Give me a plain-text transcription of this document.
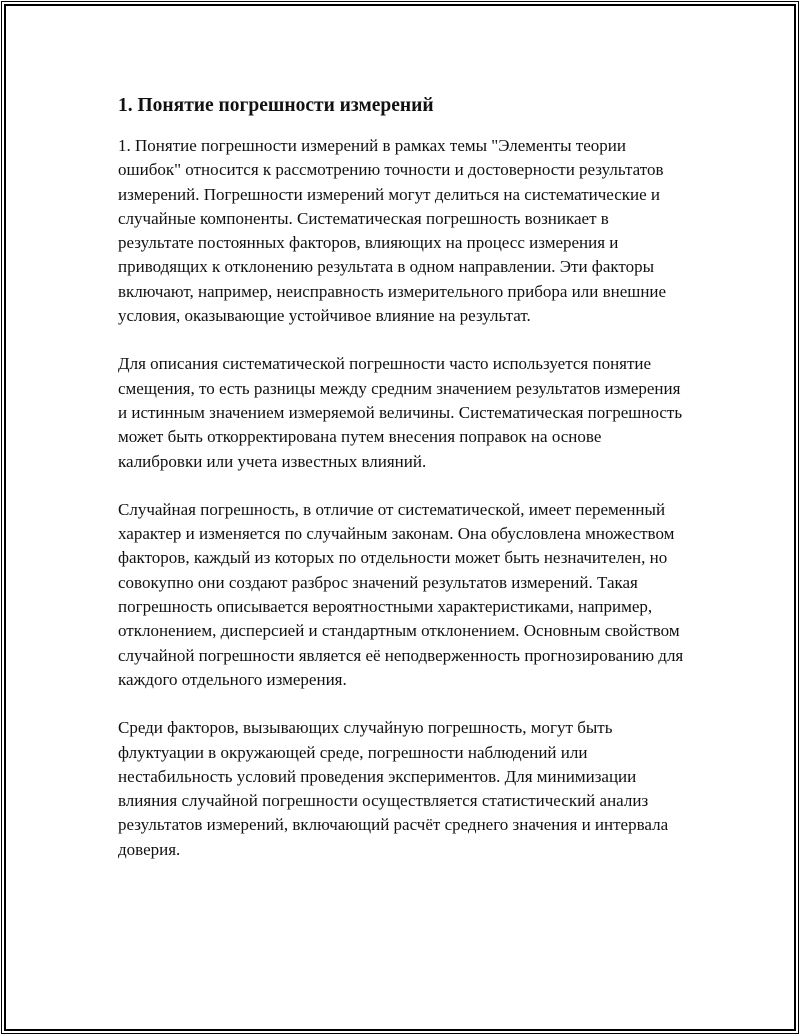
1. Понятие погрешности измерений

1. Понятие погрешности измерений в рамках темы "Элементы теории ошибок" относится к рассмотрению точности и достоверности результатов измерений. Погрешности измерений могут делиться на систематические и случайные компоненты. Систематическая погрешность возникает в результате постоянных факторов, влияющих на процесс измерения и приводящих к отклонению результата в одном направлении. Эти факторы включают, например, неисправность измерительного прибора или внешние условия, оказывающие устойчивое влияние на результат.

Для описания систематической погрешности часто используется понятие смещения, то есть разницы между средним значением результатов измерения и истинным значением измеряемой величины. Систематическая погрешность может быть откорректирована путем внесения поправок на основе калибровки или учета известных влияний.

Случайная погрешность, в отличие от систематической, имеет переменный характер и изменяется по случайным законам. Она обусловлена множеством факторов, каждый из которых по отдельности может быть незначителен, но совокупно они создают разброс значений результатов измерений. Такая погрешность описывается вероятностными характеристиками, например, отклонением, дисперсией и стандартным отклонением. Основным свойством случайной погрешности является её неподверженность прогнозированию для каждого отдельного измерения.

Среди факторов, вызывающих случайную погрешность, могут быть флуктуации в окружающей среде, погрешности наблюдений или нестабильность условий проведения экспериментов. Для минимизации влияния случайной погрешности осуществляется статистический анализ результатов измерений, включающий расчёт среднего значения и интервала доверия.
